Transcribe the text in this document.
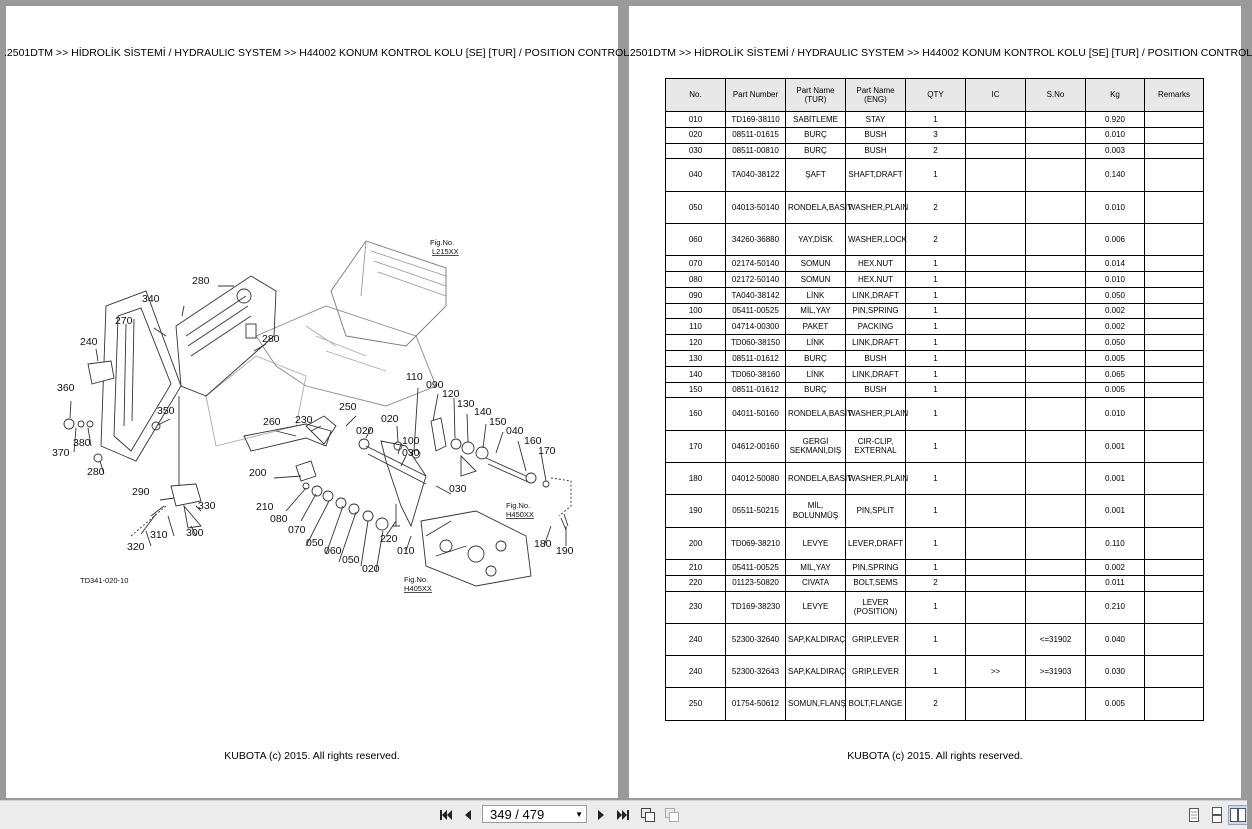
.2501DTM >> HİDROLİK SİSTEMİ / HYDRAULIC SYSTEM >> H44002 KONUM KONTROL KOLU [SE] [TUR] / POSITION CONTROL
Fig.No.
L215XX
Fig.No.
H450XX
Fig.No.
H405XX
TD341-020-10
280
340
270
280
240
360
370
380
350
280
290
310
320
330
300
260 230
250
200
210
080
070
050
060
050
020
020
110
090
120
130
140
150
040
160
170
020
100
030
030
220
010
180
190
KUBOTA (c) 2015. All rights reserved.
.2501DTM >> HİDROLİK SİSTEMİ / HYDRAULIC SYSTEM >> H44002 KONUM KONTROL KOLU [SE] [TUR] / POSITION CONTROL
No.	Part Number	Part Name (TUR)	Part Name (ENG)	QTY	IC	S.No	Kg	Remarks
010	TD169-38110	SABİTLEME	STAY	1			0.920	
020	08511-01615	BURÇ	BUSH	3			0.010	
030	08511-00810	BURÇ	BUSH	2			0.003	
040	TA040-38122	ŞAFT	SHAFT,DRAFT	1			0.140	
050	04013-50140	RONDELA,BASİT	WASHER,PLAIN	2			0.010	
060	34260-36880	YAY,DİSK	WASHER,LOCK	2			0.006	
070	02174-50140	SOMUN	HEX.NUT	1			0.014	
080	02172-50140	SOMUN	HEX.NUT	1			0.010	
090	TA040-38142	LİNK	LINK,DRAFT	1			0.050	
100	05411-00525	MİL,YAY	PIN,SPRING	1			0.002	
110	04714-00300	PAKET	PACKING	1			0.002	
120	TD060-38150	LİNK	LINK,DRAFT	1			0.050	
130	08511-01612	BURÇ	BUSH	1			0.005	
140	TD060-38160	LİNK	LINK,DRAFT	1			0.065	
150	08511-01612	BURÇ	BUSH	1			0.005	
160	04011-50160	RONDELA,BASİT	WASHER,PLAIN	1			0.010	
170	04612-00160	GERGİ SEKMANI,DIŞ	CIR-CLIP, EXTERNAL	1			0.001	
180	04012-50080	RONDELA,BASİT	WASHER,PLAIN	1			0.001	
190	05511-50215	MİL, BOLUNMÜŞ	PIN,SPLIT	1			0.001	
200	TD069-38210	LEVYE	LEVER,DRAFT	1			0.110	
210	05411-00525	MİL,YAY	PIN,SPRING	1			0.002	
220	01123-50820	CIVATA	BOLT,SEMS	2			0.011	
230	TD169-38230	LEVYE	LEVER (POSITION)	1			0.210	
240	52300-32640	SAP,KALDIRAÇ	GRIP,LEVER	1		<=31902	0.040	
240	52300-32643	SAP,KALDIRAÇ	GRIP,LEVER	1	>>	>=31903	0.030	
250	01754-50612	SOMUN,FLANŞ	BOLT,FLANGE	2			0.005	
KUBOTA (c) 2015. All rights reserved.
349 / 479	▼
